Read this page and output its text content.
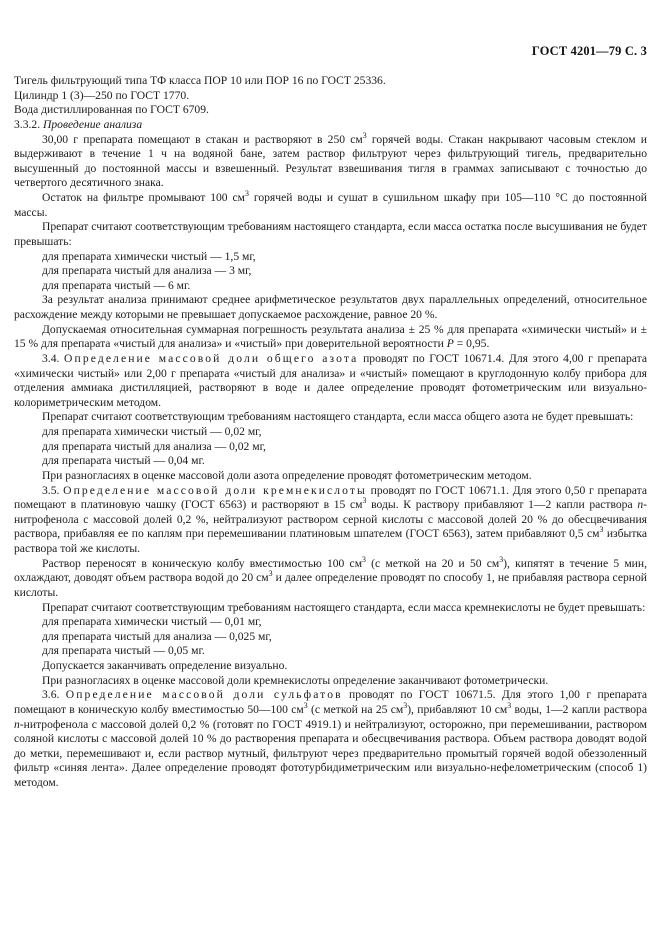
ГОСТ 4201—79 С. 3

Тигель фильтрующий типа ТФ класса ПОР 10 или ПОР 16 по ГОСТ 25336.

Цилиндр 1 (3)—250 по ГОСТ 1770.

Вода дистиллированная по ГОСТ 6709.

3.3.2. Проведение анализа

30,00 г препарата помещают в стакан и растворяют в 250 $см^3$ горячей воды. Стакан накрывают часовым стеклом и выдерживают в течение 1 ч на водяной бане, затем раствор фильтруют через фильтрующий тигель, предварительно высушенный до постоянной массы и взвешенный. Результат взвешивания тигля в граммах записывают с точностью до четвертого десятичного знака.

Остаток на фильтре промывают 100 $см^3$ горячей воды и сушат в сушильном шкафу при 105—110 °С до постоянной массы.

Препарат считают соответствующим требованиям настоящего стандарта, если масса остатка после высушивания не будет превышать:

для препарата химически чистый — 1,5 мг,

для препарата чистый для анализа — 3 мг,

для препарата чистый — 6 мг.

За результат анализа принимают среднее арифметическое результатов двух параллельных определений, относительное расхождение между которыми не превышает допускаемое расхождение, равное 20 %.

Допускаемая относительная суммарная погрешность результата анализа ± 25 % для препарата «химически чистый» и ± 15 % для препарата «чистый для анализа» и «чистый» при доверительной вероятности P = 0,95.

3.4. Определение массовой доли общего азота проводят по ГОСТ 10671.4. Для этого 4,00 г препарата «химически чистый» или 2,00 г препарата «чистый для анализа» и «чистый» помещают в круглодонную колбу прибора для отделения аммиака дистилляцией, растворяют в воде и далее определение проводят фотометрическим или визуально-колориметрическим методом.

Препарат считают соответствующим требованиям настоящего стандарта, если масса общего азота не будет превышать:

для препарата химически чистый — 0,02 мг,

для препарата чистый для анализа — 0,02 мг,

для препарата чистый — 0,04 мг.

При разногласиях в оценке массовой доли азота определение проводят фотометрическим методом.

3.5. Определение массовой доли кремнекислоты проводят по ГОСТ 10671.1. Для этого 0,50 г препарата помещают в платиновую чашку (ГОСТ 6563) и растворяют в 15 $см^3$ воды. К раствору прибавляют 1—2 капли раствора n-нитрофенола с массовой долей 0,2 %, нейтрализуют раствором серной кислоты с массовой долей 20 % до обесцвечивания раствора, прибавляя ее по каплям при перемешивании платиновым шпателем (ГОСТ 6563), затем прибавляют 0,5 $см^3$ избытка раствора той же кислоты.

Раствор переносят в коническую колбу вместимостью 100 $см^3$ (с меткой на 20 и 50 $см^3$), кипятят в течение 5 мин, охлаждают, доводят объем раствора водой до 20 $см^3$ и далее определение проводят по способу 1, не прибавляя раствора серной кислоты.

Препарат считают соответствующим требованиям настоящего стандарта, если масса кремнекислоты не будет превышать:

для препарата химически чистый — 0,01 мг,

для препарата чистый для анализа — 0,025 мг,

для препарата чистый — 0,05 мг.

Допускается заканчивать определение визуально.

При разногласиях в оценке массовой доли кремнекислоты определение заканчивают фотометрически.

3.6. Определение массовой доли сульфатов проводят по ГОСТ 10671.5. Для этого 1,00 г препарата помещают в коническую колбу вместимостью 50—100 $см^3$ (с меткой на 25 $см^3$), прибавляют 10 $см^3$ воды, 1—2 капли раствора n-нитрофенола с массовой долей 0,2 % (готовят по ГОСТ 4919.1) и нейтрализуют, осторожно, при перемешивании, раствором соляной кислоты с массовой долей 10 % до растворения препарата и обесцвечивания раствора. Объем раствора доводят водой до метки, перемешивают и, если раствор мутный, фильтруют через предварительно промытый горячей водой обеззоленный фильтр «синяя лента». Далее определение проводят фототурбидиметрическим или визуально-нефелометрическим (способ 1) методом.
